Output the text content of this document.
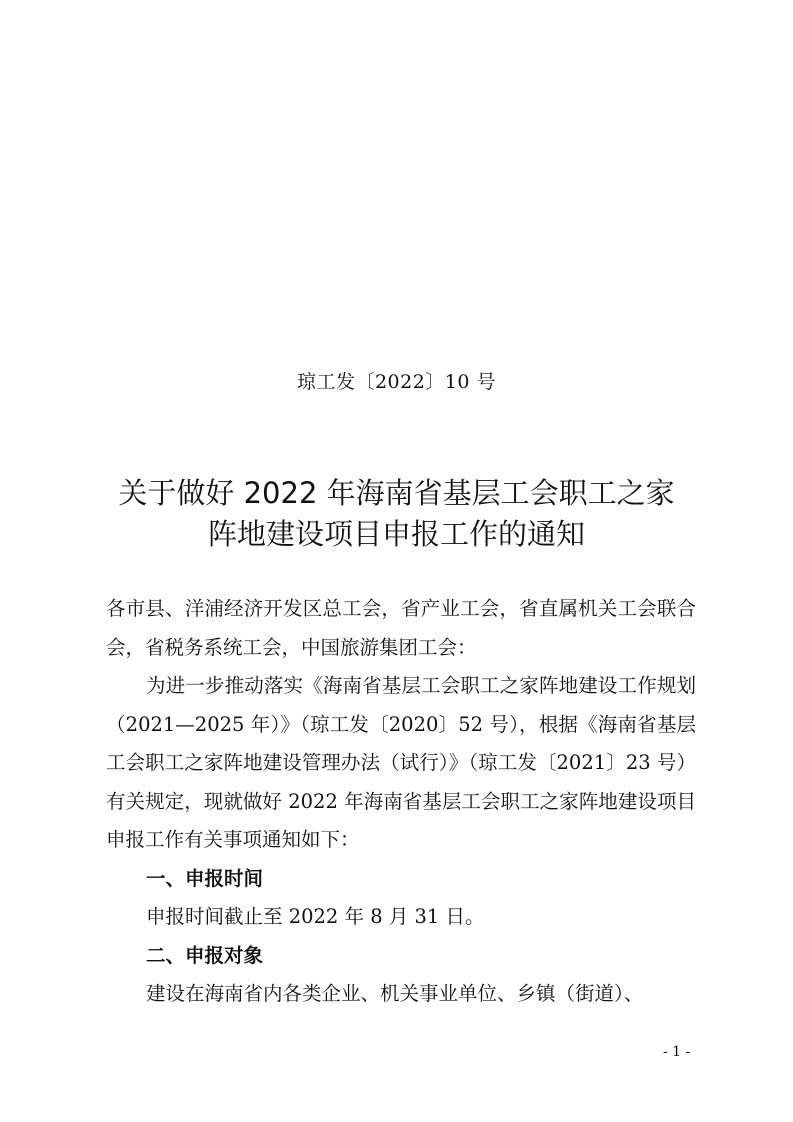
琼工发〔2022〕10 号
关于做好 2022 年海南省基层工会职工之家
阵地建设项目申报工作的通知

各市县、洋浦经济开发区总工会，省产业工会，省直属机关工会联合会，省税务系统工会，中国旅游集团工会：

为进一步推动落实《海南省基层工会职工之家阵地建设工作规划（2021—2025 年）》（琼工发〔2020〕52 号），根据《海南省基层工会职工之家阵地建设管理办法（试行）》（琼工发〔2021〕23 号）有关规定，现就做好 2022 年海南省基层工会职工之家阵地建设项目申报工作有关事项通知如下：

一、申报时间

申报时间截止至 2022 年 8 月 31 日。

二、申报对象

建设在海南省内各类企业、机关事业单位、乡镇（街道）、

- 1 -
